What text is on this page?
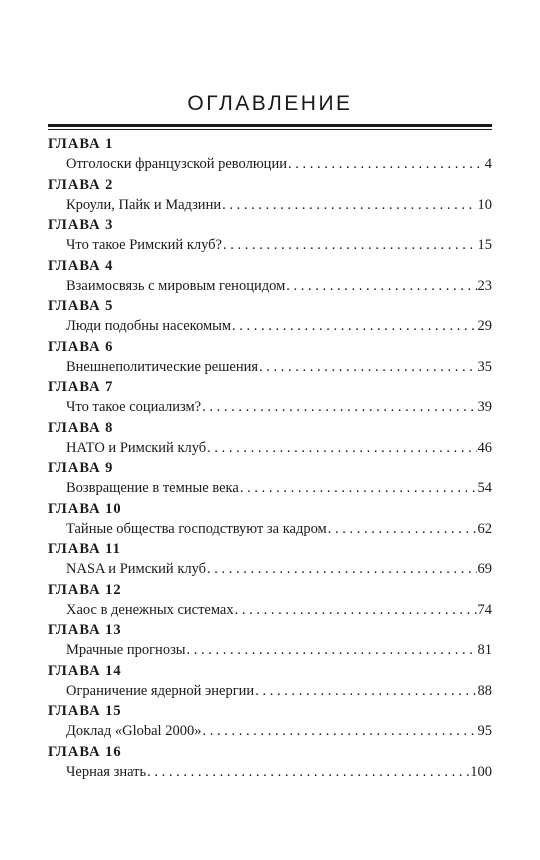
ОГЛАВЛЕНИЕ
ГЛАВА 1
Отголоски французской революции . . .	4
ГЛАВА 2
Кроули, Пайк и Мадзини . . .	10
ГЛАВА 3
Что такое Римский клуб? . . .	15
ГЛАВА 4
Взаимосвязь с мировым геноцидом . . .	23
ГЛАВА 5
Люди подобны насекомым . . .	29
ГЛАВА 6
Внешнеполитические решения . . .	35
ГЛАВА 7
Что такое социализм? . . .	39
ГЛАВА 8
НАТО и Римский клуб . . .	46
ГЛАВА 9
Возвращение в темные века . . .	54
ГЛАВА 10
Тайные общества господствуют за кадром . . .	62
ГЛАВА 11
NASA и Римский клуб . . .	69
ГЛАВА 12
Хаос в денежных системах . . .	74
ГЛАВА 13
Мрачные прогнозы . . .	81
ГЛАВА 14
Ограничение ядерной энергии . . .	88
ГЛАВА 15
Доклад «Global 2000» . . .	95
ГЛАВА 16
Черная знать . . .	100
